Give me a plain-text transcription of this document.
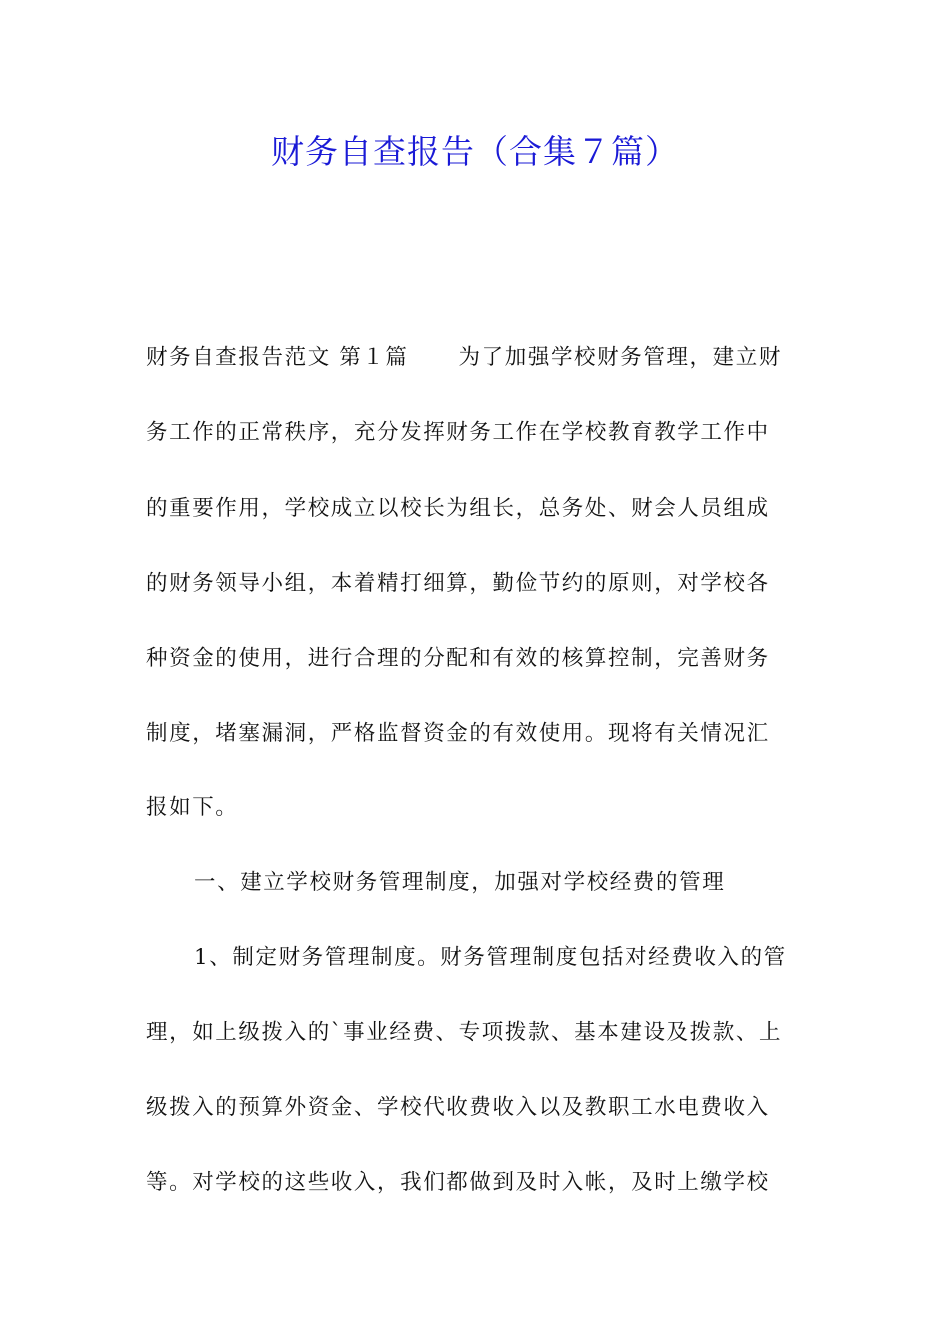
财务自查报告（合集７篇）
财务自查报告范文 第１篇 为了加强学校财务管理，建立财
务工作的正常秩序，充分发挥财务工作在学校教育教学工作中
的重要作用，学校成立以校长为组长，总务处、财会人员组成
的财务领导小组，本着精打细算，勤俭节约的原则，对学校各
种资金的使用，进行合理的分配和有效的核算控制，完善财务
制度，堵塞漏洞，严格监督资金的有效使用。现将有关情况汇
报如下。
一、建立学校财务管理制度，加强对学校经费的管理
1、制定财务管理制度。财务管理制度包括对经费收入的管
理，如上级拨入的`事业经费、专项拨款、基本建设及拨款、上
级拨入的预算外资金、学校代收费收入以及教职工水电费收入
等。对学校的这些收入，我们都做到及时入帐，及时上缴学校
